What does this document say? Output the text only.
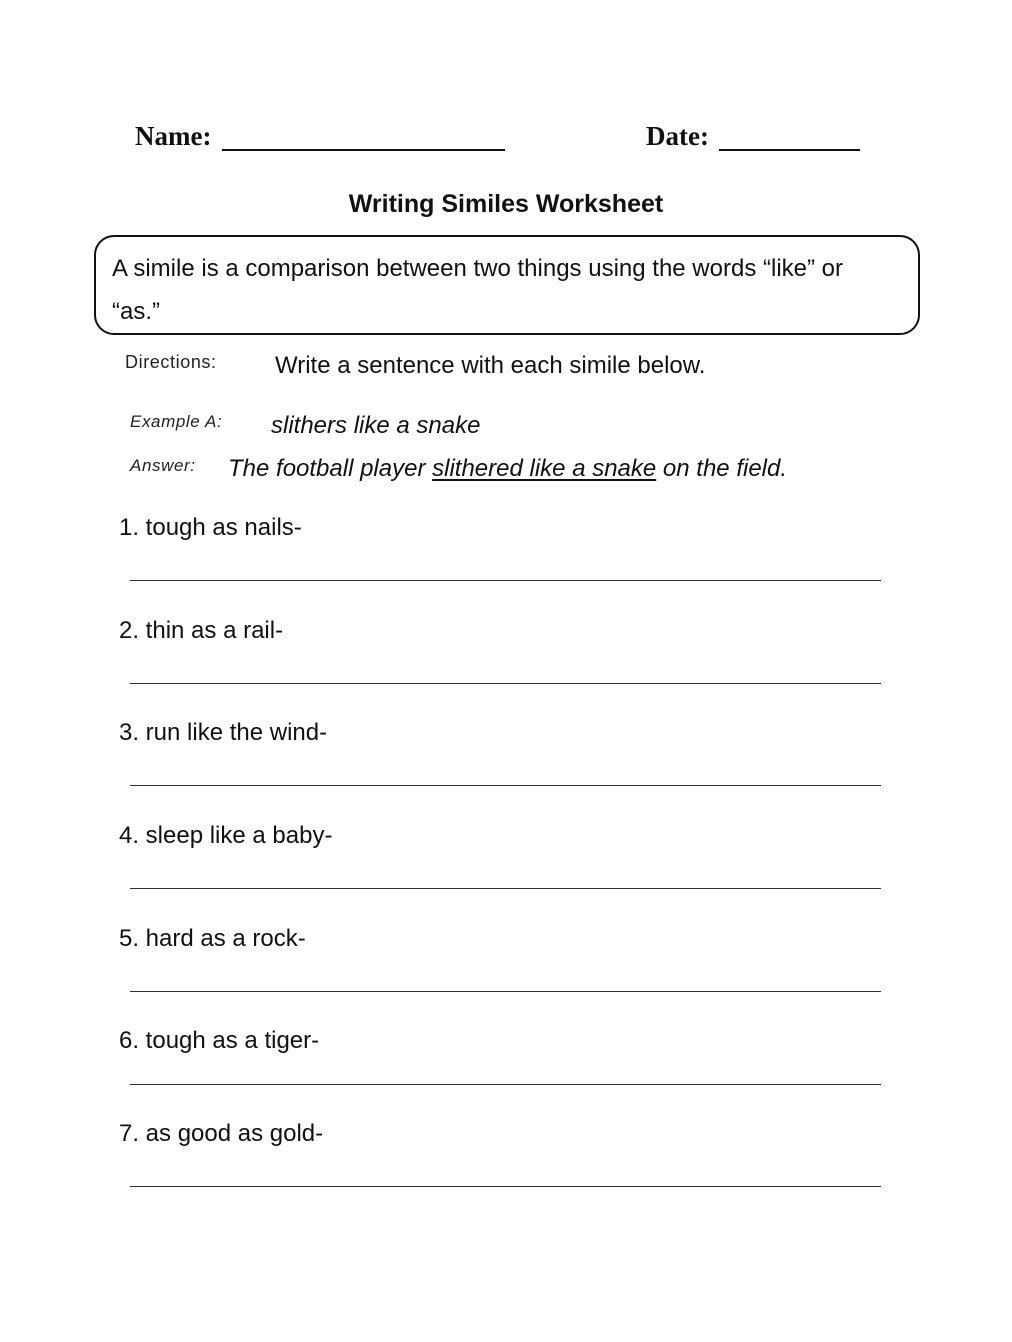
Name:	Date:
Writing Similes Worksheet
A simile is a comparison between two things using the words “like” or “as.”
Directions: Write a sentence with each simile below.
Example A: slithers like a snake
Answer: The football player slithered like a snake on the field.
1. tough as nails-
2. thin as a rail-
3. run like the wind-
4. sleep like a baby-
5. hard as a rock-
6. tough as a tiger-
7. as good as gold-
